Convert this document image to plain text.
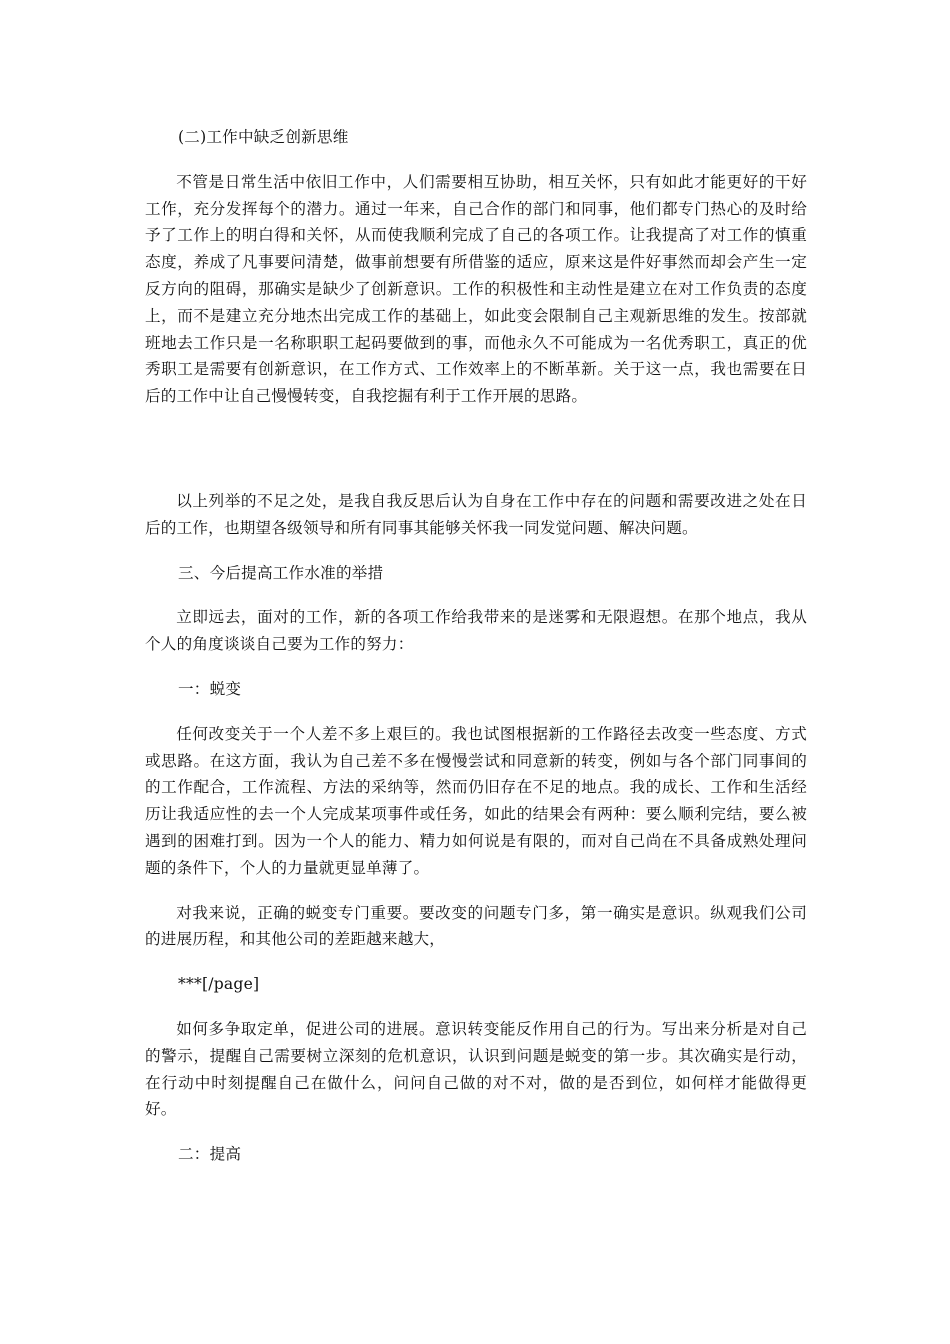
(二)工作中缺乏创新思维

不管是日常生活中依旧工作中，人们需要相互协助，相互关怀，只有如此才能更好的干好工作，充分发挥每个的潜力。通过一年来，自己合作的部门和同事，他们都专门热心的及时给予了工作上的明白得和关怀，从而使我顺利完成了自己的各项工作。让我提高了对工作的慎重态度，养成了凡事要问清楚，做事前想要有所借鉴的适应，原来这是件好事然而却会产生一定反方向的阻碍，那确实是缺少了创新意识。工作的积极性和主动性是建立在对工作负责的态度上，而不是建立充分地杰出完成工作的基础上，如此变会限制自己主观新思维的发生。按部就班地去工作只是一名称职职工起码要做到的事，而他永久不可能成为一名优秀职工，真正的优秀职工是需要有创新意识，在工作方式、工作效率上的不断革新。关于这一点，我也需要在日后的工作中让自己慢慢转变，自我挖掘有利于工作开展的思路。

以上列举的不足之处，是我自我反思后认为自身在工作中存在的问题和需要改进之处在日后的工作，也期望各级领导和所有同事其能够关怀我一同发觉问题、解决问题。

三、今后提高工作水准的举措

立即远去，面对的工作，新的各项工作给我带来的是迷雾和无限遐想。在那个地点，我从个人的角度谈谈自己要为工作的努力：

一：蜕变

任何改变关于一个人差不多上艰巨的。我也试图根据新的工作路径去改变一些态度、方式或思路。在这方面，我认为自己差不多在慢慢尝试和同意新的转变，例如与各个部门同事间的的工作配合，工作流程、方法的采纳等，然而仍旧存在不足的地点。我的成长、工作和生活经历让我适应性的去一个人完成某项事件或任务，如此的结果会有两种：要么顺利完结，要么被遇到的困难打到。因为一个人的能力、精力如何说是有限的，而对自己尚在不具备成熟处理问题的条件下，个人的力量就更显单薄了。

对我来说，正确的蜕变专门重要。要改变的问题专门多，第一确实是意识。纵观我们公司的进展历程，和其他公司的差距越来越大，

***[/page]

如何多争取定单，促进公司的进展。意识转变能反作用自己的行为。写出来分析是对自己的警示，提醒自己需要树立深刻的危机意识，认识到问题是蜕变的第一步。其次确实是行动，在行动中时刻提醒自己在做什么，问问自己做的对不对，做的是否到位，如何样才能做得更好。

二：提高
